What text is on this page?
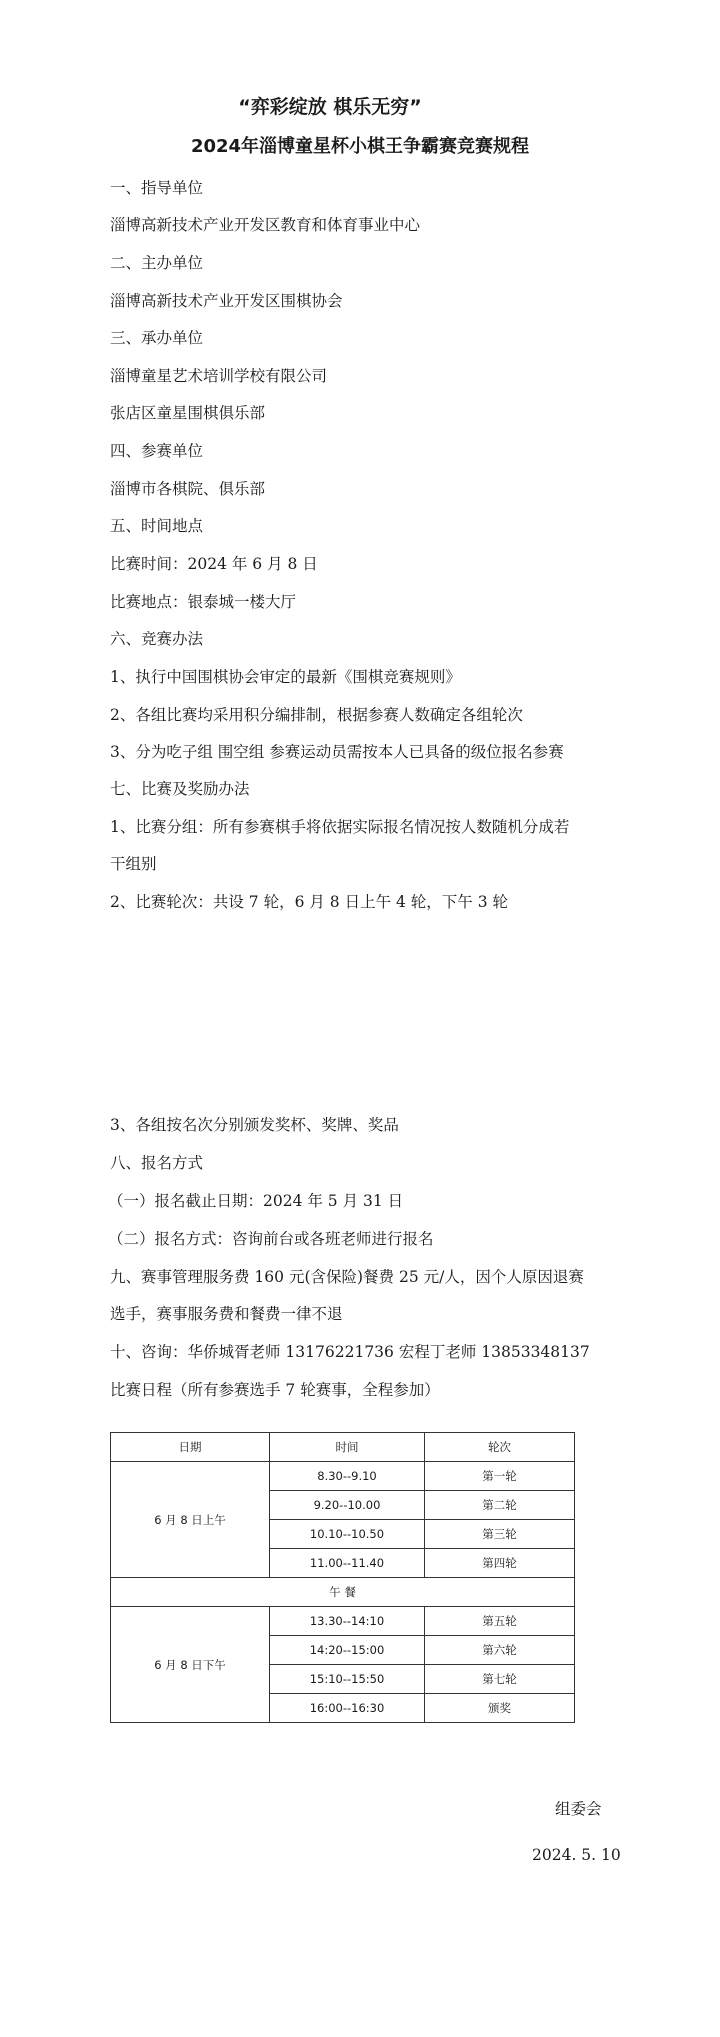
“弈彩绽放 棋乐无穷”
2024年淄博童星杯小棋王争霸赛竞赛规程
一、指导单位
淄博高新技术产业开发区教育和体育事业中心
二、主办单位
淄博高新技术产业开发区围棋协会
三、承办单位
淄博童星艺术培训学校有限公司
张店区童星围棋俱乐部
四、参赛单位
淄博市各棋院、俱乐部
五、时间地点
比赛时间：2024 年 6 月 8 日
比赛地点：银泰城一楼大厅
六、竞赛办法
1、执行中国围棋协会审定的最新《围棋竞赛规则》
2、各组比赛均采用积分编排制，根据参赛人数确定各组轮次
3、分为吃子组 围空组 参赛运动员需按本人已具备的级位报名参赛
七、比赛及奖励办法
1、比赛分组：所有参赛棋手将依据实际报名情况按人数随机分成若
干组别
2、比赛轮次：共设 7 轮，6 月 8 日上午 4 轮，下午 3 轮
3、各组按名次分别颁发奖杯、奖牌、奖品
八、报名方式
（一）报名截止日期：2024 年 5 月 31 日
（二）报名方式：咨询前台或各班老师进行报名
九、赛事管理服务费 160 元(含保险)餐费 25 元/人，因个人原因退赛
选手，赛事服务费和餐费一律不退
十、咨询：华侨城胥老师 13176221736 宏程丁老师 13853348137
比赛日程（所有参赛选手 7 轮赛事，全程参加）
日期	时间	轮次
6 月 8 日上午	8.30--9.10	第一轮
	9.20--10.00	第二轮
	10.10--10.50	第三轮
	11.00--11.40	第四轮
午 餐		
6 月 8 日下午	13.30--14:10	第五轮
	14:20--15:00	第六轮
	15:10--15:50	第七轮
	16:00--16:30	颁奖
组委会
2024. 5. 10
